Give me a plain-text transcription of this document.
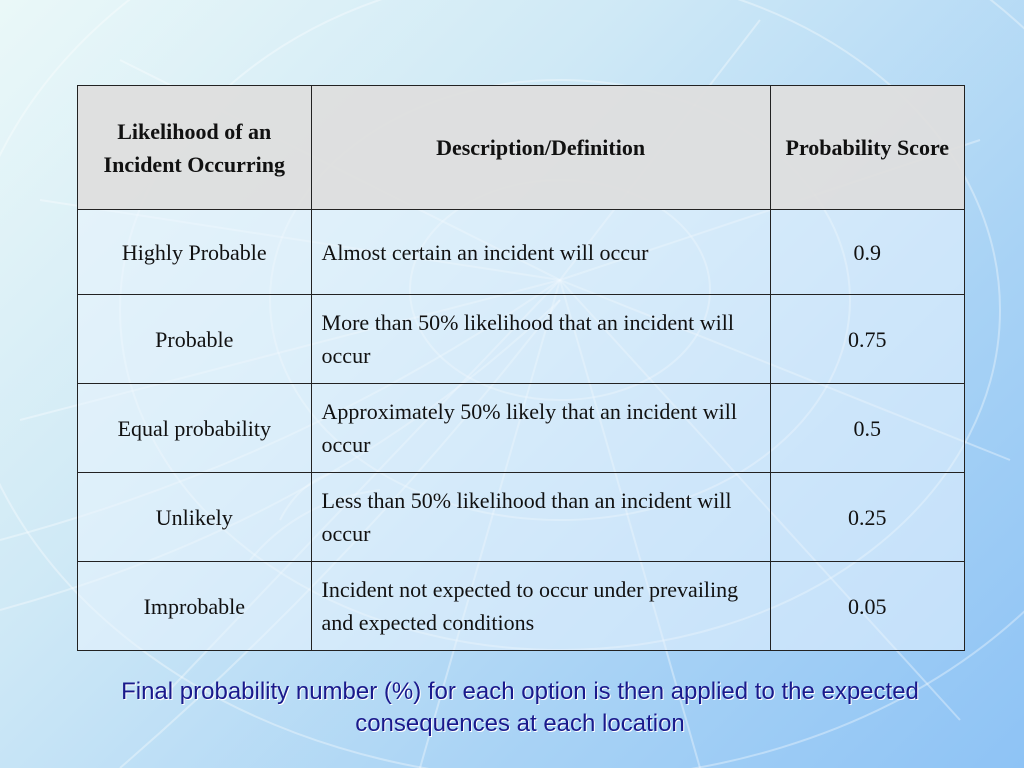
Likelihood of an Incident Occurring	Description/Definition	Probability Score
Highly Probable	Almost certain an incident will occur	0.9
Probable	More than 50% likelihood that an incident will occur	0.75
Equal probability	Approximately 50% likely that an incident will occur	0.5
Unlikely	Less than 50% likelihood than an incident will occur	0.25
Improbable	Incident not expected to occur under prevailing and expected conditions	0.05
Final probability number (%) for each option is then applied to the expected consequences at each location
